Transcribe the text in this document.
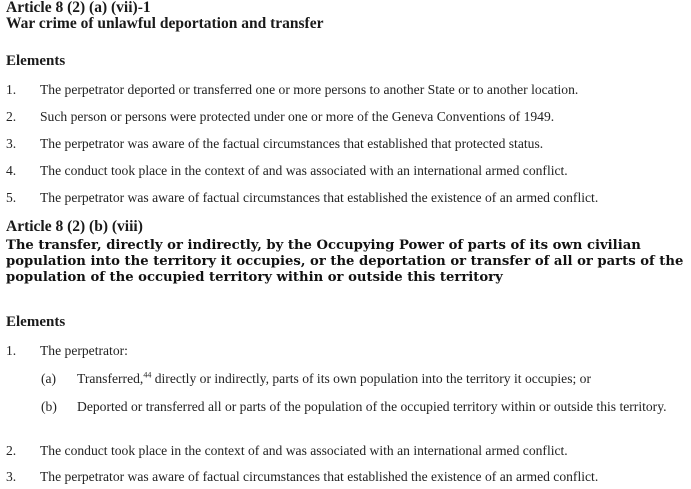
Article 8 (2) (a) (vii)-1

War crime of unlawful deportation and transfer

Elements

1. The perpetrator deported or transferred one or more persons to another State or to another location.
2. Such person or persons were protected under one or more of the Geneva Conventions of 1949.
3. The perpetrator was aware of the factual circumstances that established that protected status.
4. The conduct took place in the context of and was associated with an international armed conflict.
5. The perpetrator was aware of factual circumstances that established the existence of an armed conflict.

Article 8 (2) (b) (viii)

The transfer, directly or indirectly, by the Occupying Power of parts of its own civilian

population into the territory it occupies, or the deportation or transfer of all or parts of the

population of the occupied territory within or outside this territory

Elements

1. The perpetrator:
(a) Transferred,$^{44}$ directly or indirectly, parts of its own population into the territory it occupies; or
(b) Deported or transferred all or parts of the population of the occupied territory within or outside this territory.
2. The conduct took place in the context of and was associated with an international armed conflict.
3. The perpetrator was aware of factual circumstances that established the existence of an armed conflict.
